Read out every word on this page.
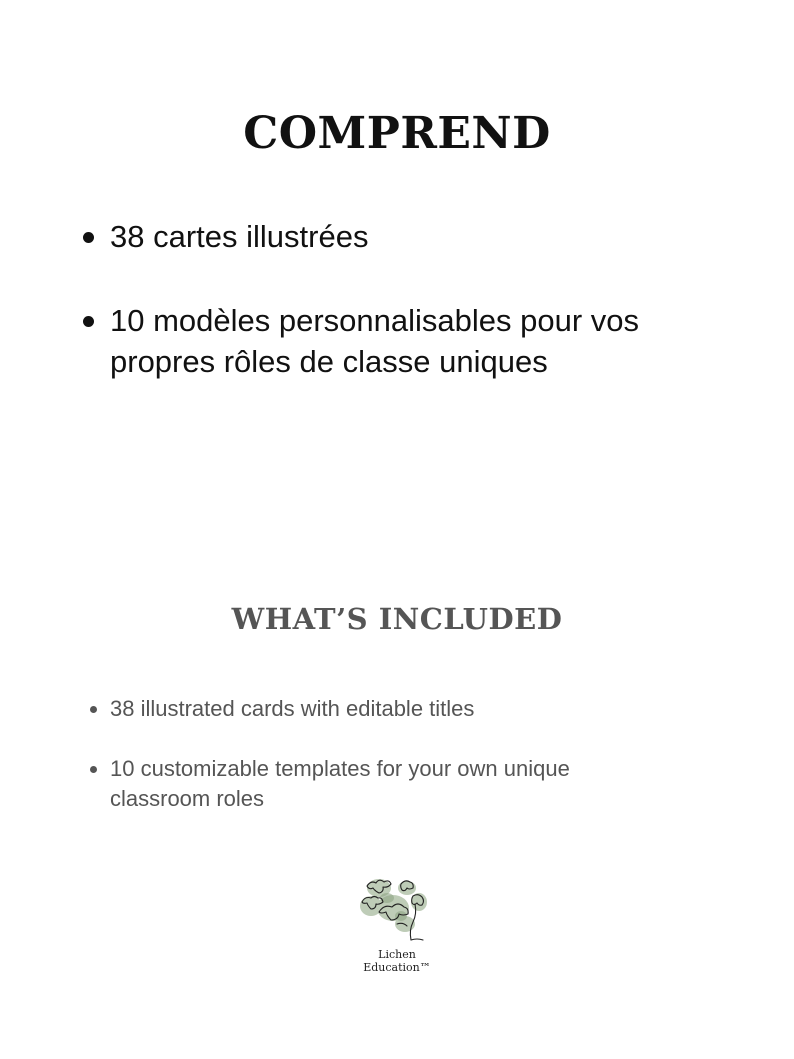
COMPREND
38 cartes illustrées
10 modèles personnalisables pour vos
propres rôles de classe uniques
WHAT’S INCLUDED
38 illustrated cards with editable titles
10 customizable templates for your own unique
classroom roles
Lichen
Education™
